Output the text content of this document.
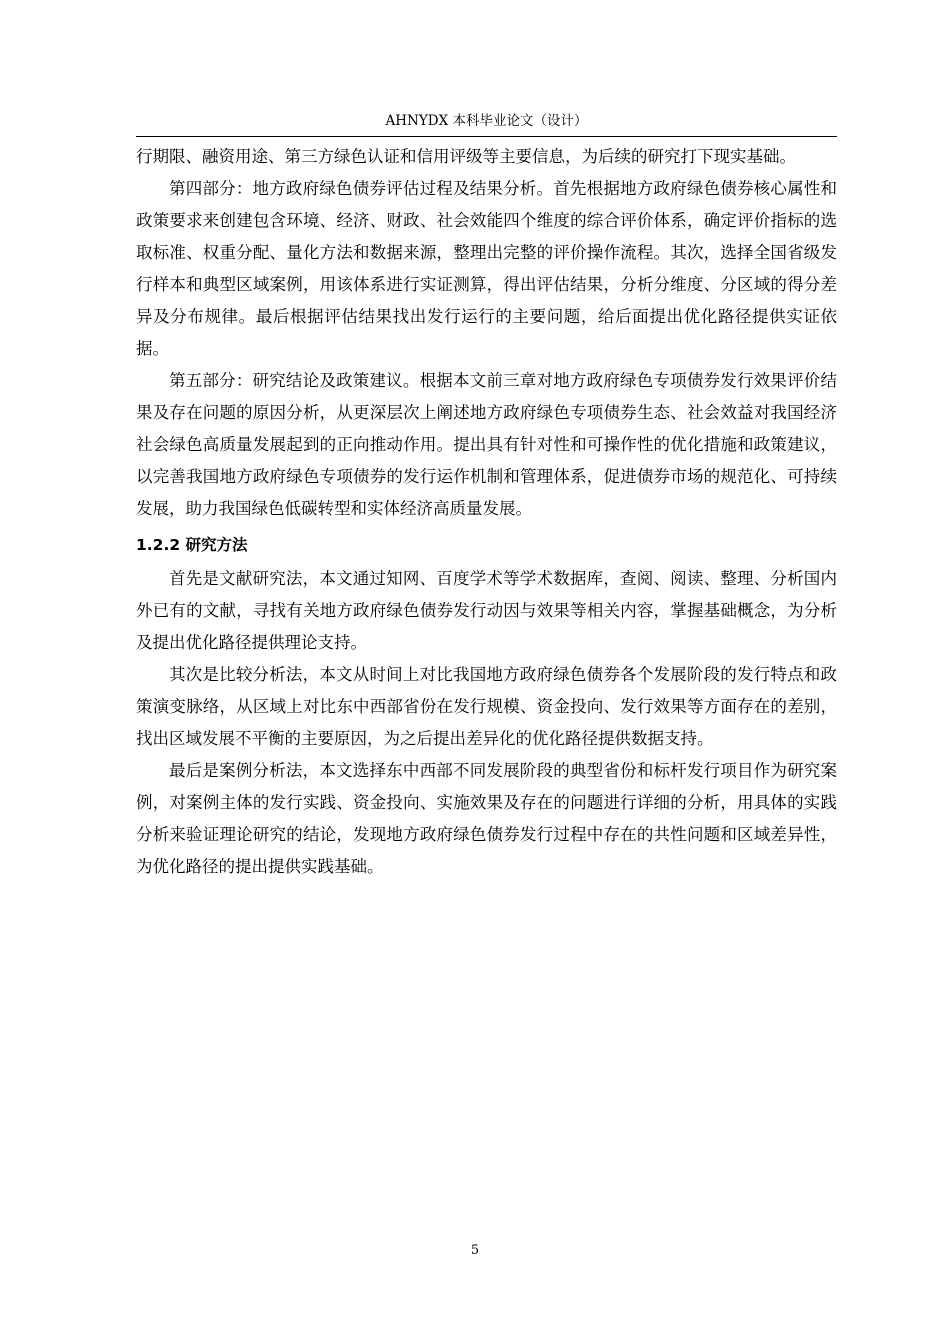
AHNYDX 本科毕业论文（设计）

行期限、融资用途、第三方绿色认证和信用评级等主要信息，为后续的研究打下现实基础。

第四部分：地方政府绿色债券评估过程及结果分析。首先根据地方政府绿色债券核心属性和政策要求来创建包含环境、经济、财政、社会效能四个维度的综合评价体系，确定评价指标的选取标准、权重分配、量化方法和数据来源，整理出完整的评价操作流程。其次，选择全国省级发行样本和典型区域案例，用该体系进行实证测算，得出评估结果，分析分维度、分区域的得分差异及分布规律。最后根据评估结果找出发行运行的主要问题，给后面提出优化路径提供实证依据。

第五部分：研究结论及政策建议。根据本文前三章对地方政府绿色专项债券发行效果评价结果及存在问题的原因分析，从更深层次上阐述地方政府绿色专项债券生态、社会效益对我国经济社会绿色高质量发展起到的正向推动作用。提出具有针对性和可操作性的优化措施和政策建议，以完善我国地方政府绿色专项债券的发行运作机制和管理体系，促进债券市场的规范化、可持续发展，助力我国绿色低碳转型和实体经济高质量发展。

1.2.2 研究方法

首先是文献研究法，本文通过知网、百度学术等学术数据库，查阅、阅读、整理、分析国内外已有的文献，寻找有关地方政府绿色债券发行动因与效果等相关内容，掌握基础概念，为分析及提出优化路径提供理论支持。

其次是比较分析法，本文从时间上对比我国地方政府绿色债券各个发展阶段的发行特点和政策演变脉络，从区域上对比东中西部省份在发行规模、资金投向、发行效果等方面存在的差别，找出区域发展不平衡的主要原因，为之后提出差异化的优化路径提供数据支持。

最后是案例分析法，本文选择东中西部不同发展阶段的典型省份和标杆发行项目作为研究案例，对案例主体的发行实践、资金投向、实施效果及存在的问题进行详细的分析，用具体的实践分析来验证理论研究的结论，发现地方政府绿色债券发行过程中存在的共性问题和区域差异性，为优化路径的提出提供实践基础。

5
